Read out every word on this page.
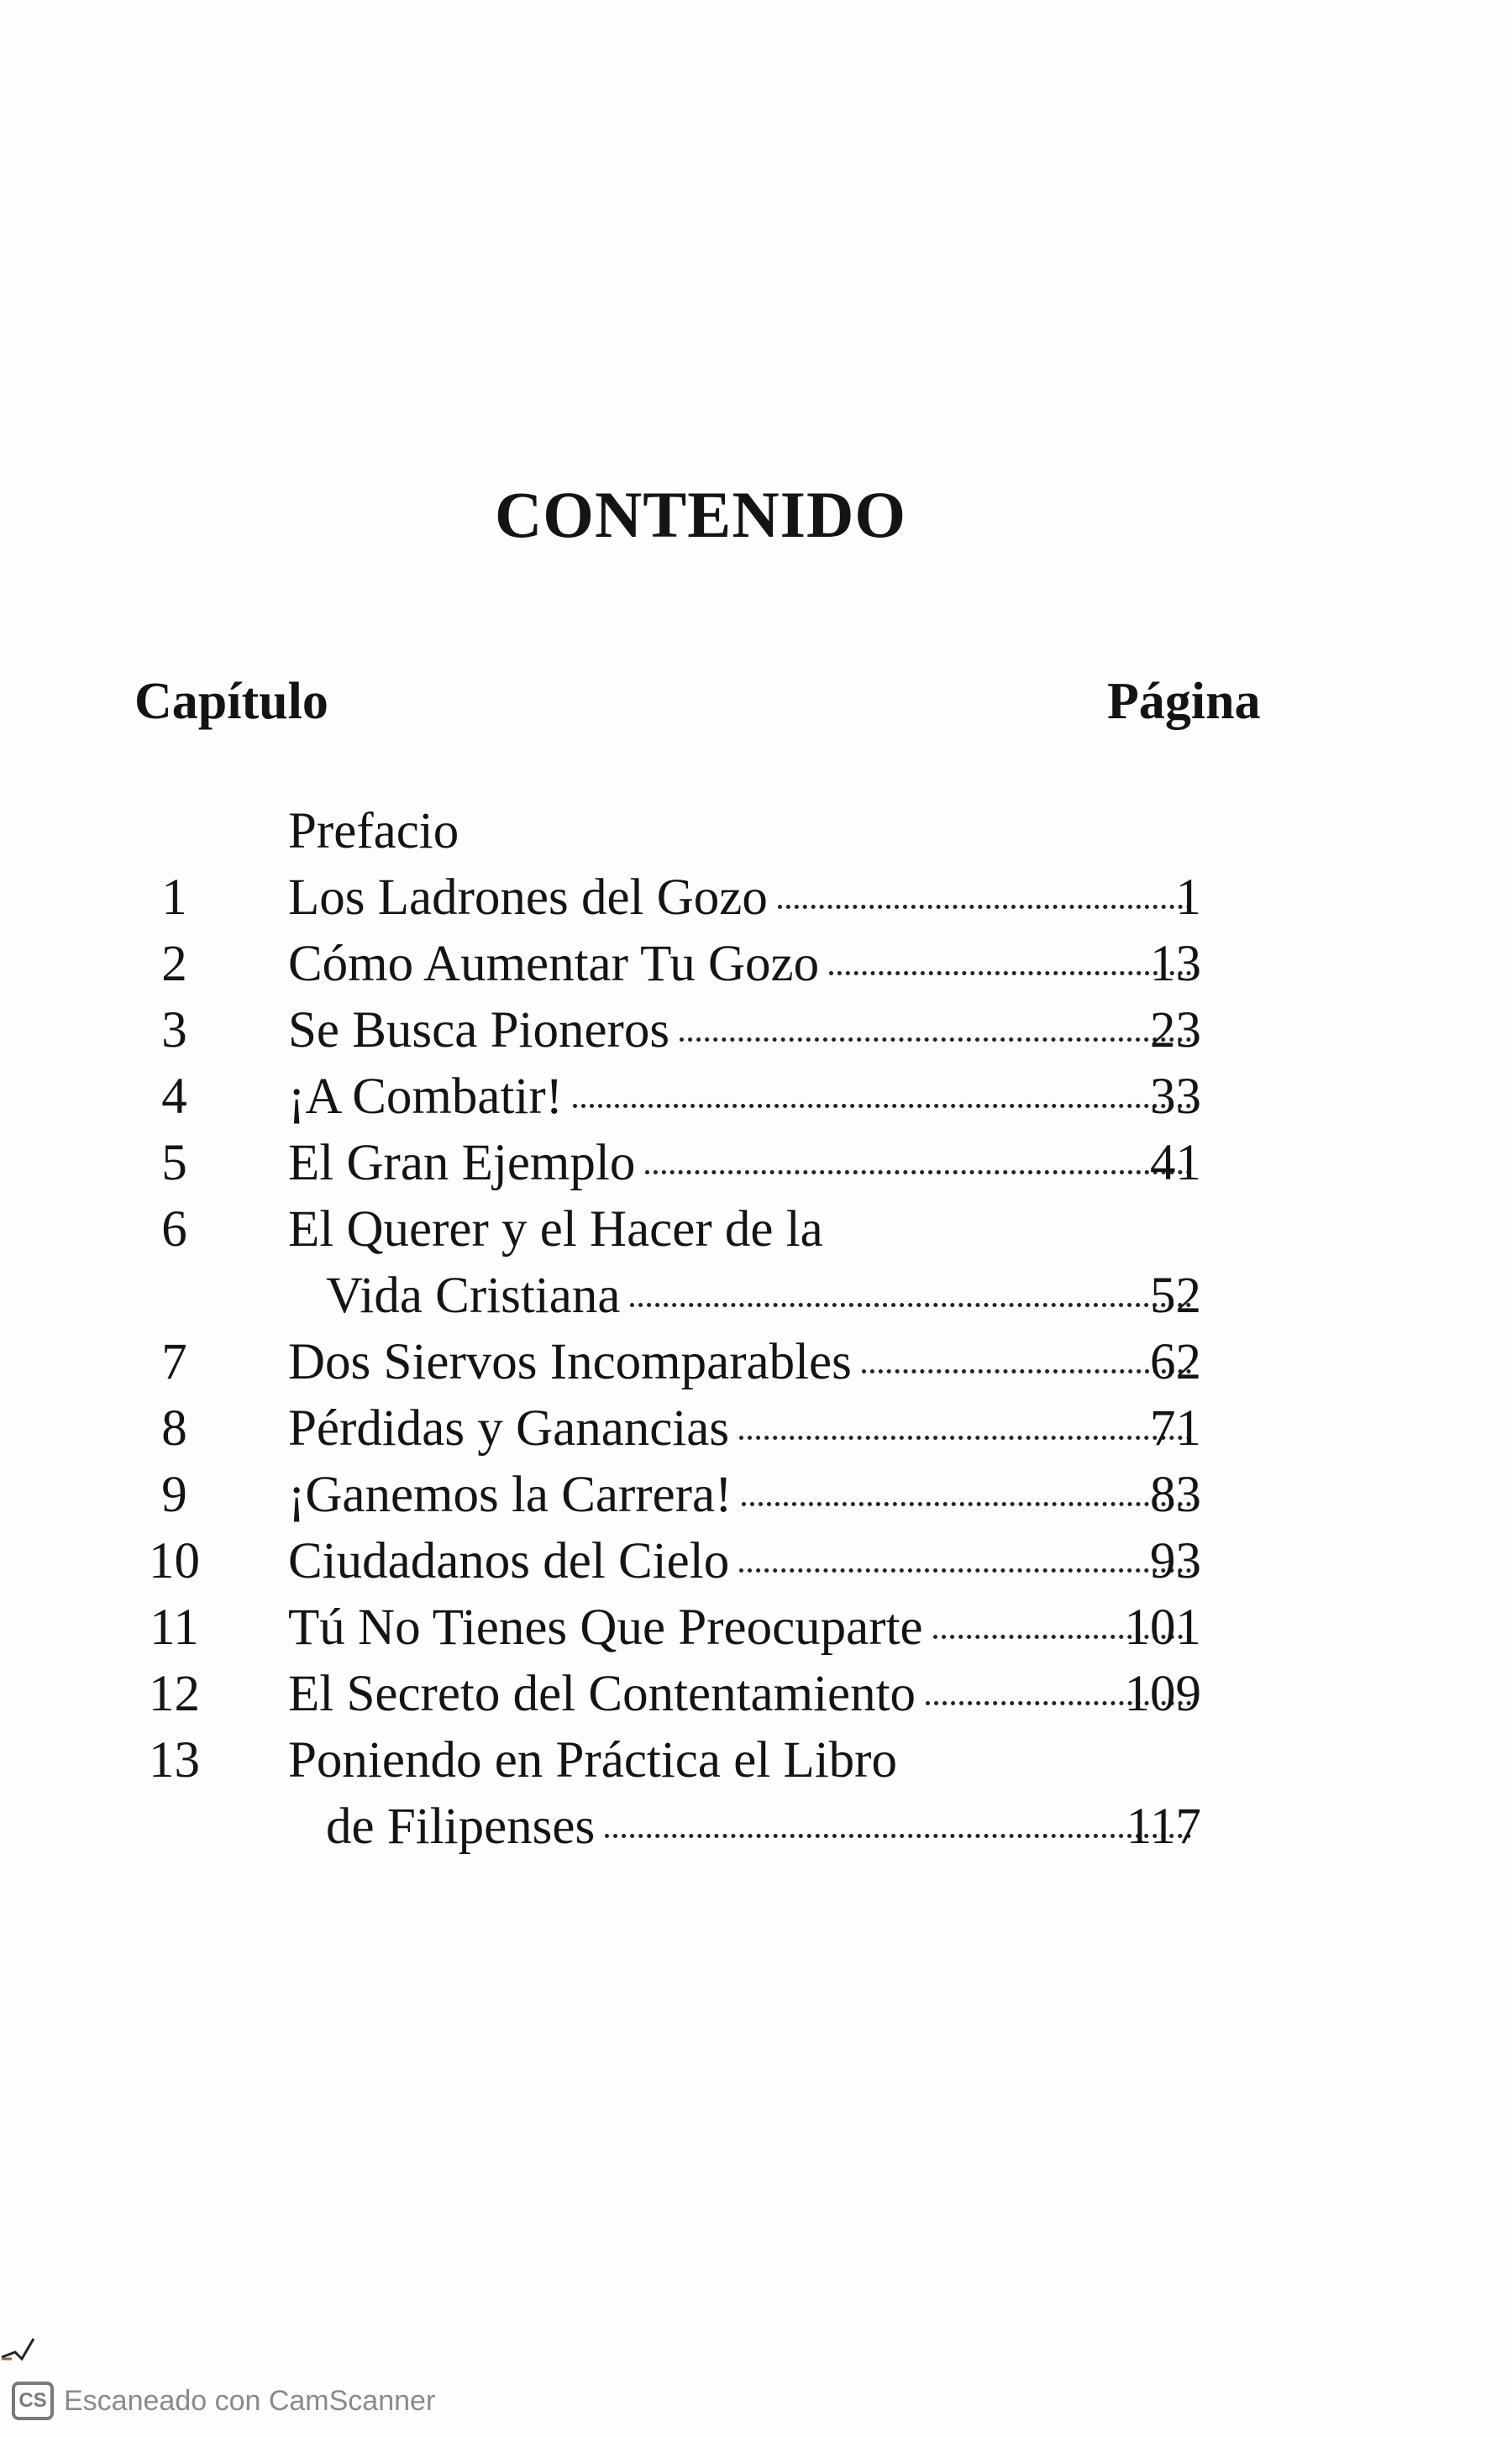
CONTENIDO
Capítulo	Página
Prefacio
1	Los Ladrones del Gozo	1
2	Cómo Aumentar Tu Gozo	13
3	Se Busca Pioneros	23
4	¡A Combatir!	33
5	El Gran Ejemplo	41
6	El Querer y el Hacer de la
Vida Cristiana	52
7	Dos Siervos Incomparables	62
8	Pérdidas y Ganancias	71
9	¡Ganemos la Carrera!	83
10	Ciudadanos del Cielo	93
11	Tú No Tienes Que Preocuparte	101
12	El Secreto del Contentamiento	109
13	Poniendo en Práctica el Libro
de Filipenses	117
CS Escaneado con CamScanner
